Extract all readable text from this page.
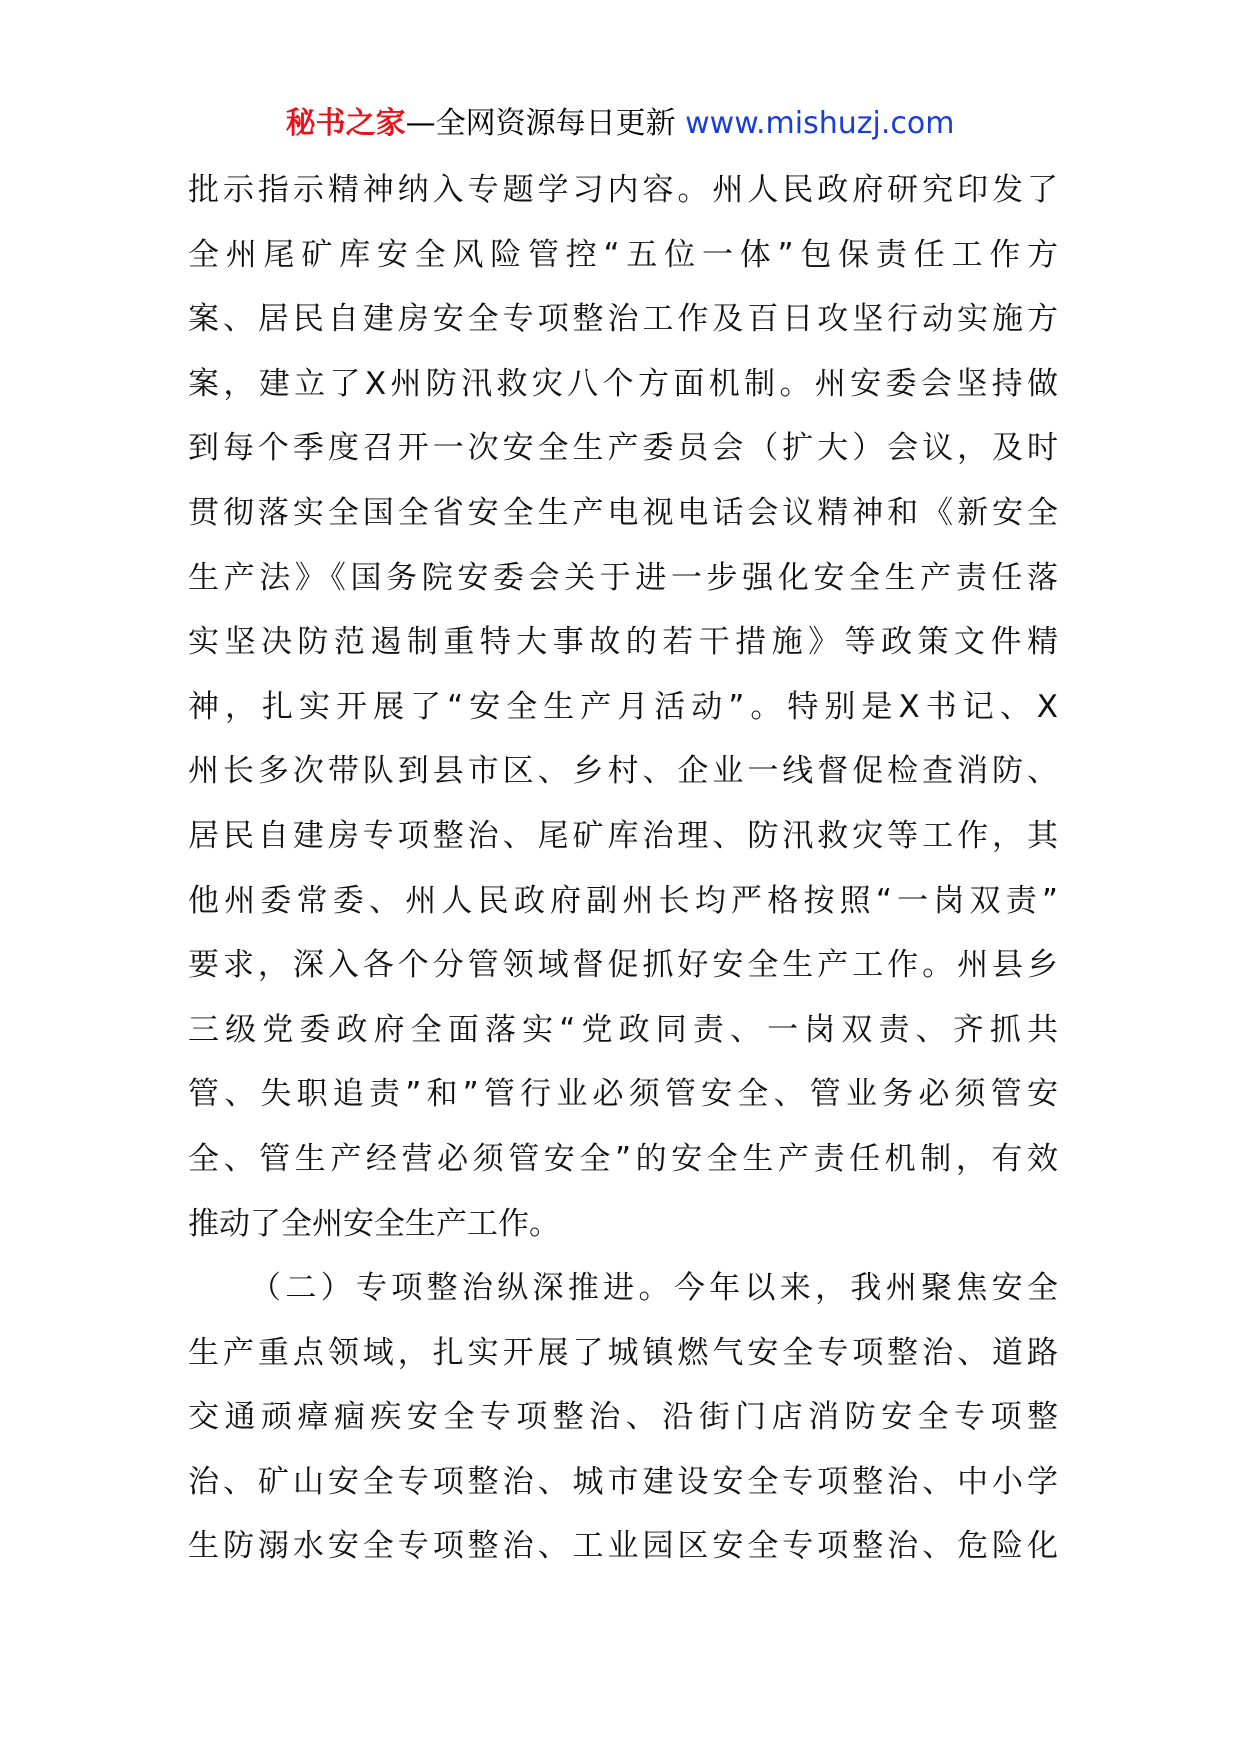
秘书之家—全网资源每日更新 www.mishuzj.com

批示指示精神纳入专题学习内容。州人民政府研究印发了
全州尾矿库安全风险管控“五位一体”包保责任工作方
案、居民自建房安全专项整治工作及百日攻坚行动实施方
案，建立了X州防汛救灾八个方面机制。州安委会坚持做
到每个季度召开一次安全生产委员会（扩大）会议，及时
贯彻落实全国全省安全生产电视电话会议精神和《新安全
生产法》《国务院安委会关于进一步强化安全生产责任落
实坚决防范遏制重特大事故的若干措施》等政策文件精
神，扎实开展了“安全生产月活动”。特别是X书记、X
州长多次带队到县市区、乡村、企业一线督促检查消防、
居民自建房专项整治、尾矿库治理、防汛救灾等工作，其
他州委常委、州人民政府副州长均严格按照“一岗双责”
要求，深入各个分管领域督促抓好安全生产工作。州县乡
三级党委政府全面落实“党政同责、一岗双责、齐抓共
管、失职追责”和”管行业必须管安全、管业务必须管安
全、管生产经营必须管安全”的安全生产责任机制，有效
推动了全州安全生产工作。

（二）专项整治纵深推进。今年以来，我州聚焦安全
生产重点领域，扎实开展了城镇燃气安全专项整治、道路
交通顽瘴痼疾安全专项整治、沿街门店消防安全专项整
治、矿山安全专项整治、城市建设安全专项整治、中小学
生防溺水安全专项整治、工业园区安全专项整治、危险化
